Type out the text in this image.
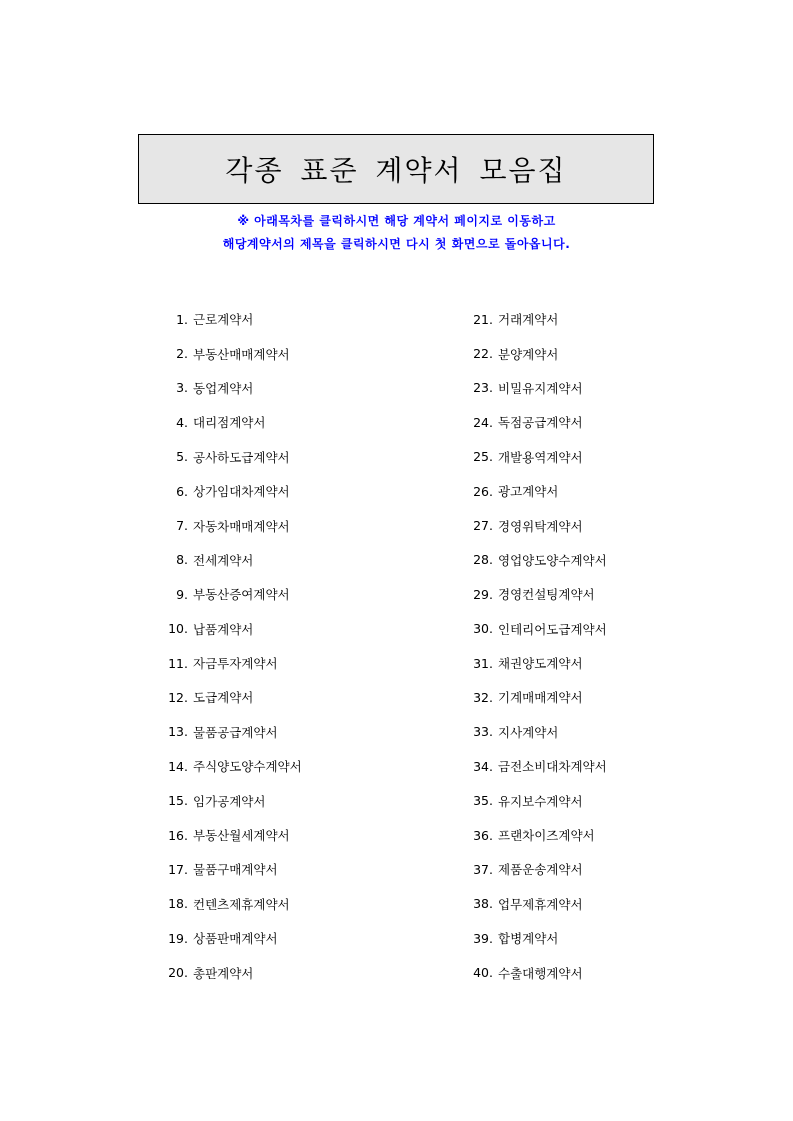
각종 표준 계약서 모음집
※ 아래목차를 클릭하시면 해당 계약서 페이지로 이동하고
해당계약서의 제목을 클릭하시면 다시 첫 화면으로 돌아옵니다.
1. 근로계약서
2. 부동산매매계약서
3. 동업계약서
4. 대리점계약서
5. 공사하도급계약서
6. 상가임대차계약서
7. 자동차매매계약서
8. 전세계약서
9. 부동산증여계약서
10. 납품계약서
11. 자금투자계약서
12. 도급계약서
13. 물품공급계약서
14. 주식양도양수계약서
15. 임가공계약서
16. 부동산월세계약서
17. 물품구매계약서
18. 컨텐츠제휴계약서
19. 상품판매계약서
20. 총판계약서
21. 거래계약서
22. 분양계약서
23. 비밀유지계약서
24. 독점공급계약서
25. 개발용역계약서
26. 광고계약서
27. 경영위탁계약서
28. 영업양도양수계약서
29. 경영컨설팅계약서
30. 인테리어도급계약서
31. 채권양도계약서
32. 기계매매계약서
33. 지사계약서
34. 금전소비대차계약서
35. 유지보수계약서
36. 프랜차이즈계약서
37. 제품운송계약서
38. 업무제휴계약서
39. 합병계약서
40. 수출대행계약서
